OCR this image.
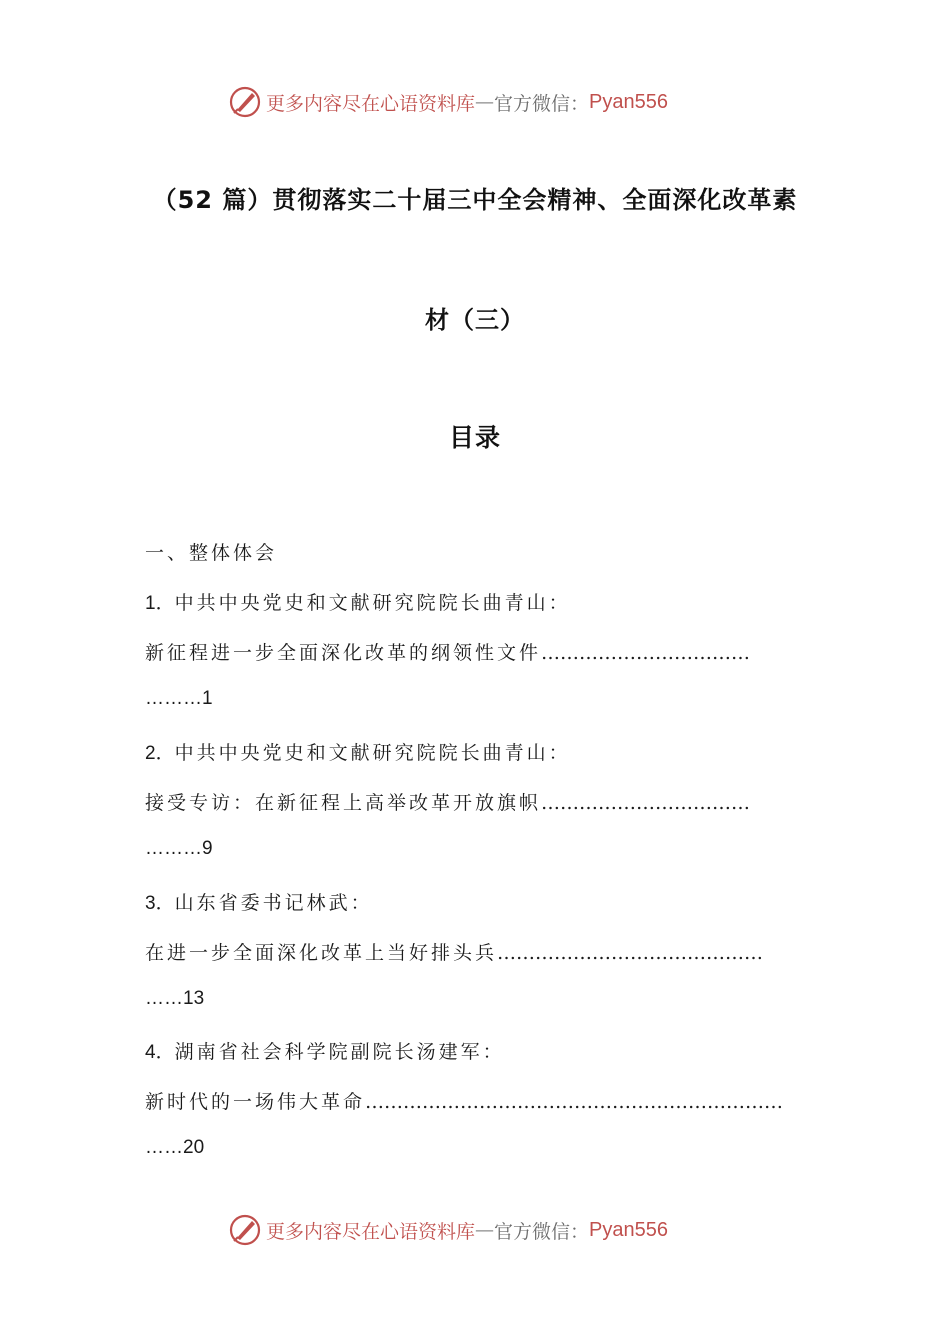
更多内容尽在心语资料库 — 官方微信： Pyan556
（52 篇）贯彻落实二十届三中全会精神、全面深化改革素
材（三）
目录
一、整体体会
1．中共中央党史和文献研究院院长曲青山：
新征程进一步全面深化改革的纲领性文件……………………………
………1
2．中共中央党史和文献研究院院长曲青山：
接受专访：在新征程上高举改革开放旗帜……………………………
………9
3．山东省委书记林武：
在进一步全面深化改革上当好排头兵……………………………………
……13
4．湖南省社会科学院副院长汤建军：
新时代的一场伟大革命…………………………………………………………
……20
更多内容尽在心语资料库 — 官方微信： Pyan556
